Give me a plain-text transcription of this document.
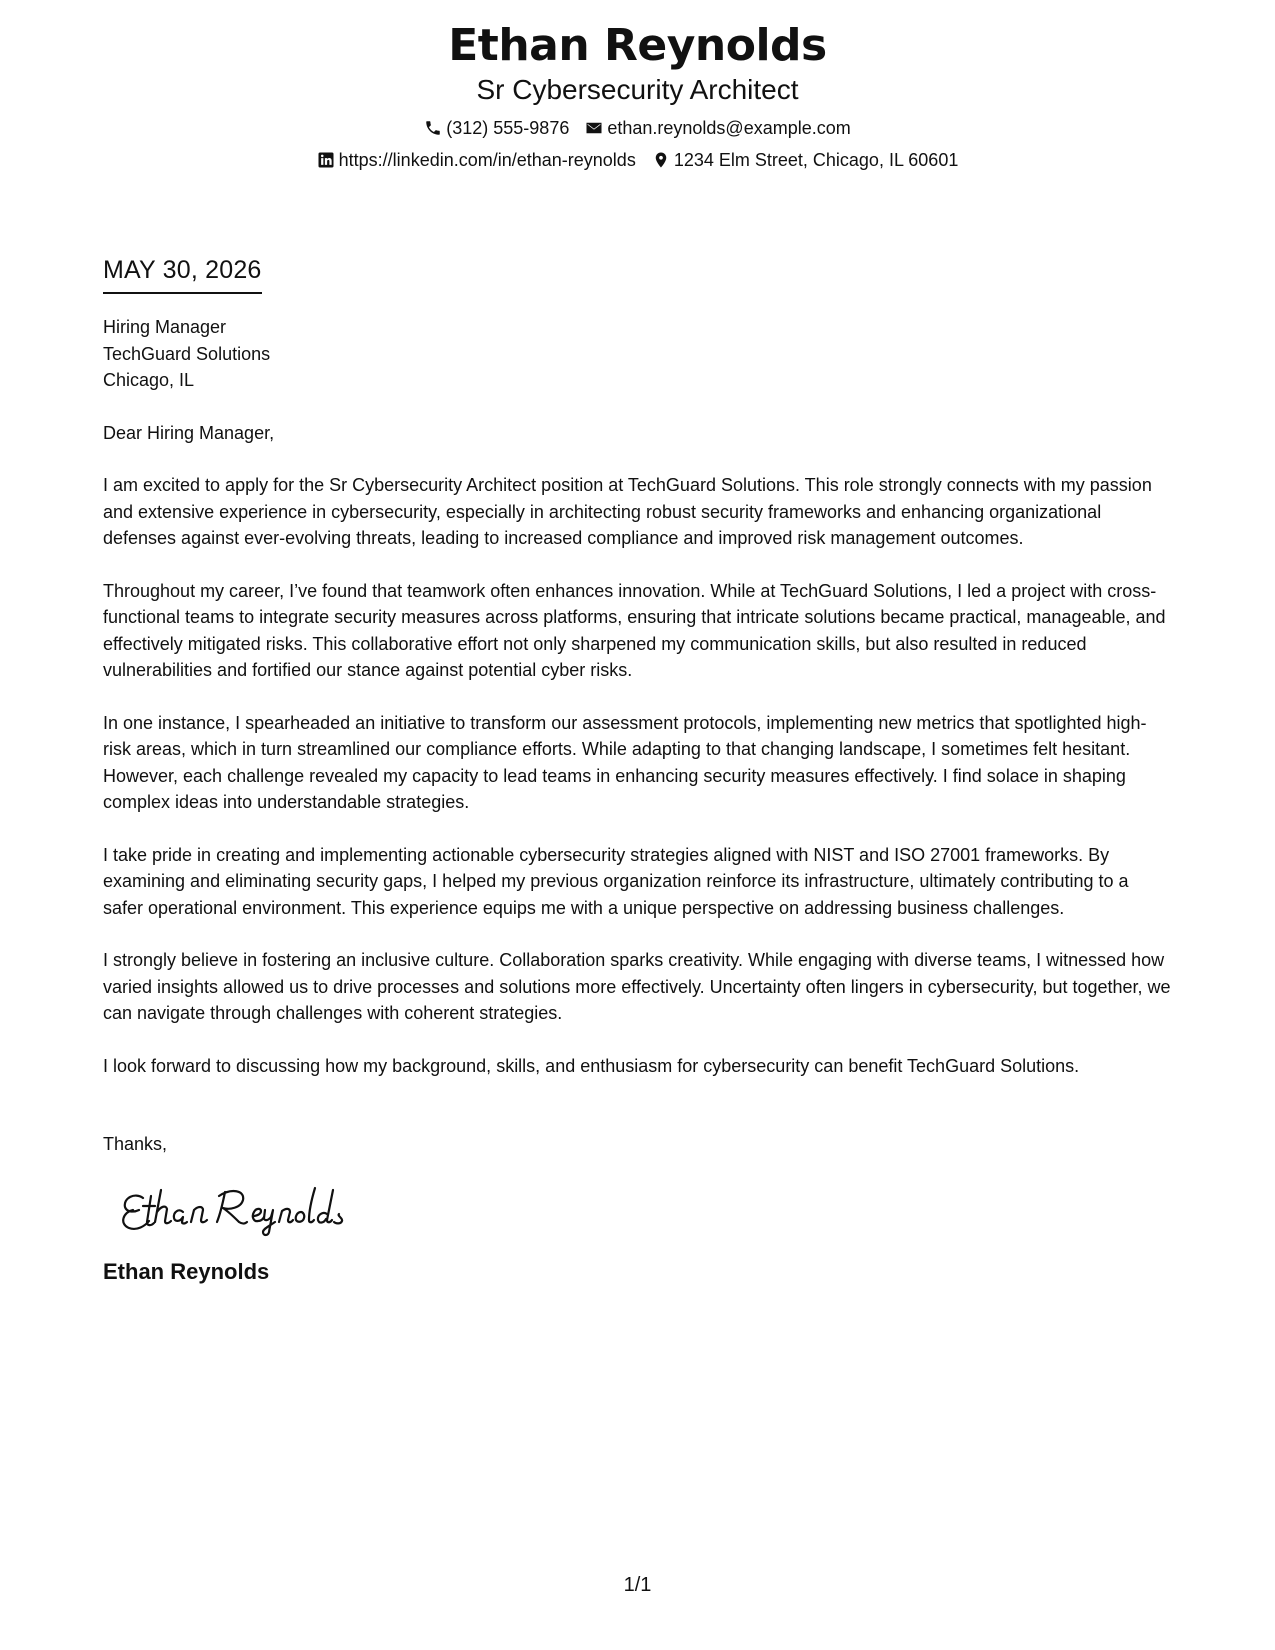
Ethan Reynolds
Sr Cybersecurity Architect
(312) 555-9876 ethan.reynolds@example.com
https://linkedin.com/in/ethan-reynolds 1234 Elm Street, Chicago, IL 60601
MAY 30, 2026
Hiring Manager
TechGuard Solutions
Chicago, IL
Dear Hiring Manager,
I am excited to apply for the Sr Cybersecurity Architect position at TechGuard Solutions. This role strongly connects with my passion and extensive experience in cybersecurity, especially in architecting robust security frameworks and enhancing organizational defenses against ever-evolving threats, leading to increased compliance and improved risk management outcomes.
Throughout my career, I’ve found that teamwork often enhances innovation. While at TechGuard Solutions, I led a project with cross-functional teams to integrate security measures across platforms, ensuring that intricate solutions became practical, manageable, and effectively mitigated risks. This collaborative effort not only sharpened my communication skills, but also resulted in reduced vulnerabilities and fortified our stance against potential cyber risks.
In one instance, I spearheaded an initiative to transform our assessment protocols, implementing new metrics that spotlighted high-risk areas, which in turn streamlined our compliance efforts. While adapting to that changing landscape, I sometimes felt hesitant. However, each challenge revealed my capacity to lead teams in enhancing security measures effectively. I find solace in shaping complex ideas into understandable strategies.
I take pride in creating and implementing actionable cybersecurity strategies aligned with NIST and ISO 27001 frameworks. By examining and eliminating security gaps, I helped my previous organization reinforce its infrastructure, ultimately contributing to a safer operational environment. This experience equips me with a unique perspective on addressing business challenges.
I strongly believe in fostering an inclusive culture. Collaboration sparks creativity. While engaging with diverse teams, I witnessed how varied insights allowed us to drive processes and solutions more effectively. Uncertainty often lingers in cybersecurity, but together, we can navigate through challenges with coherent strategies.
I look forward to discussing how my background, skills, and enthusiasm for cybersecurity can benefit TechGuard Solutions.
Thanks,
Ethan Reynolds
1/1
